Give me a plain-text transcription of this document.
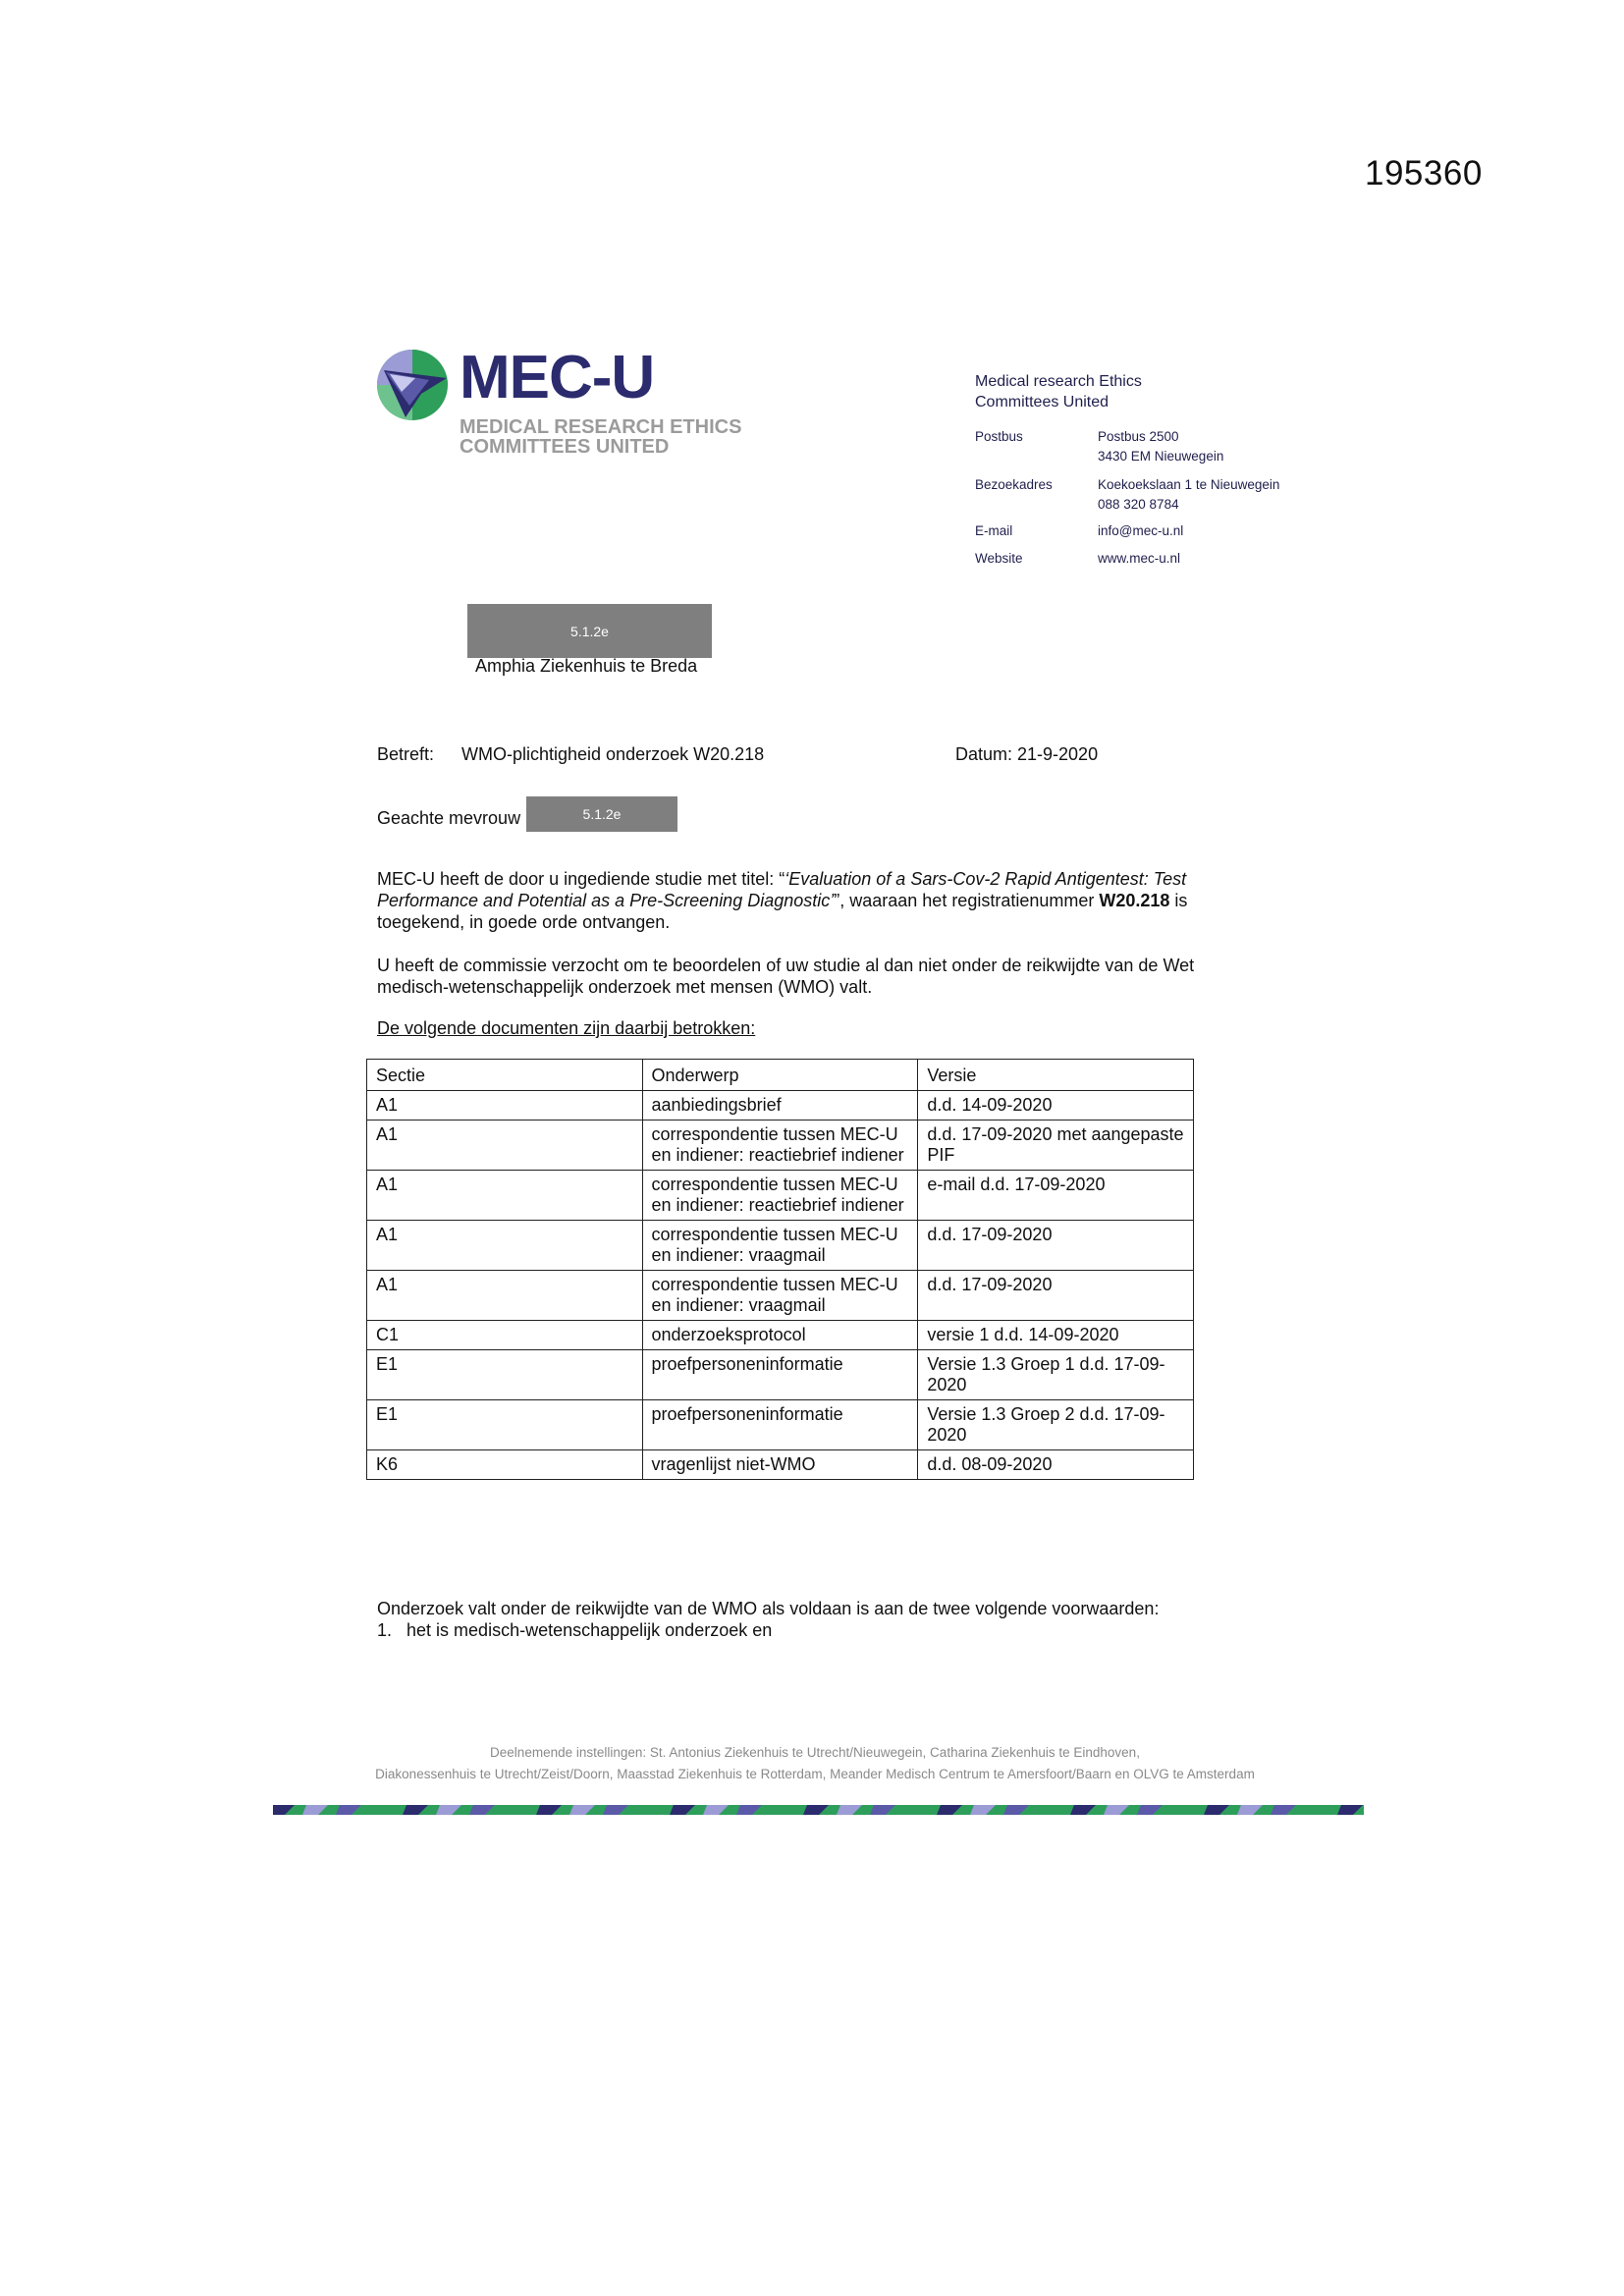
195360
MEC-U
MEDICAL RESEARCH ETHICS
COMMITTEES UNITED
Medical research Ethics
Committees United
Postbus	Postbus 2500
3430 EM Nieuwegein
Bezoekadres	Koekoekslaan 1 te Nieuwegein
088 320 8784
E-mail	info@mec-u.nl
Website	www.mec-u.nl
5.1.2e
Amphia Ziekenhuis te Breda
Betreft: WMO-plichtigheid onderzoek W20.218	Datum: 21-9-2020
Geachte mevrouw	5.1.2e
MEC-U heeft de door u ingediende studie met titel: “‘Evaluation of a Sars-Cov-2 Rapid Antigentest: Test Performance and Potential as a Pre-Screening Diagnostic’”, waaraan het registratienummer W20.218 is toegekend, in goede orde ontvangen.
U heeft de commissie verzocht om te beoordelen of uw studie al dan niet onder de reikwijdte van de Wet medisch-wetenschappelijk onderzoek met mensen (WMO) valt.
De volgende documenten zijn daarbij betrokken:
Sectie	Onderwerp	Versie
A1	aanbiedingsbrief	d.d. 14-09-2020
A1	correspondentie tussen MEC-U en indiener: reactiebrief indiener	d.d. 17-09-2020 met aangepaste PIF
A1	correspondentie tussen MEC-U en indiener: reactiebrief indiener	e-mail d.d. 17-09-2020
A1	correspondentie tussen MEC-U en indiener: vraagmail	d.d. 17-09-2020
A1	correspondentie tussen MEC-U en indiener: vraagmail	d.d. 17-09-2020
C1	onderzoeksprotocol	versie 1 d.d. 14-09-2020
E1	proefpersoneninformatie	Versie 1.3 Groep 1 d.d. 17-09-2020
E1	proefpersoneninformatie	Versie 1.3 Groep 2 d.d. 17-09-2020
K6	vragenlijst niet-WMO	d.d. 08-09-2020
Onderzoek valt onder de reikwijdte van de WMO als voldaan is aan de twee volgende voorwaarden:
1. het is medisch-wetenschappelijk onderzoek en
Deelnemende instellingen: St. Antonius Ziekenhuis te Utrecht/Nieuwegein, Catharina Ziekenhuis te Eindhoven,
Diakonessenhuis te Utrecht/Zeist/Doorn, Maasstad Ziekenhuis te Rotterdam, Meander Medisch Centrum te Amersfoort/Baarn en OLVG te Amsterdam
